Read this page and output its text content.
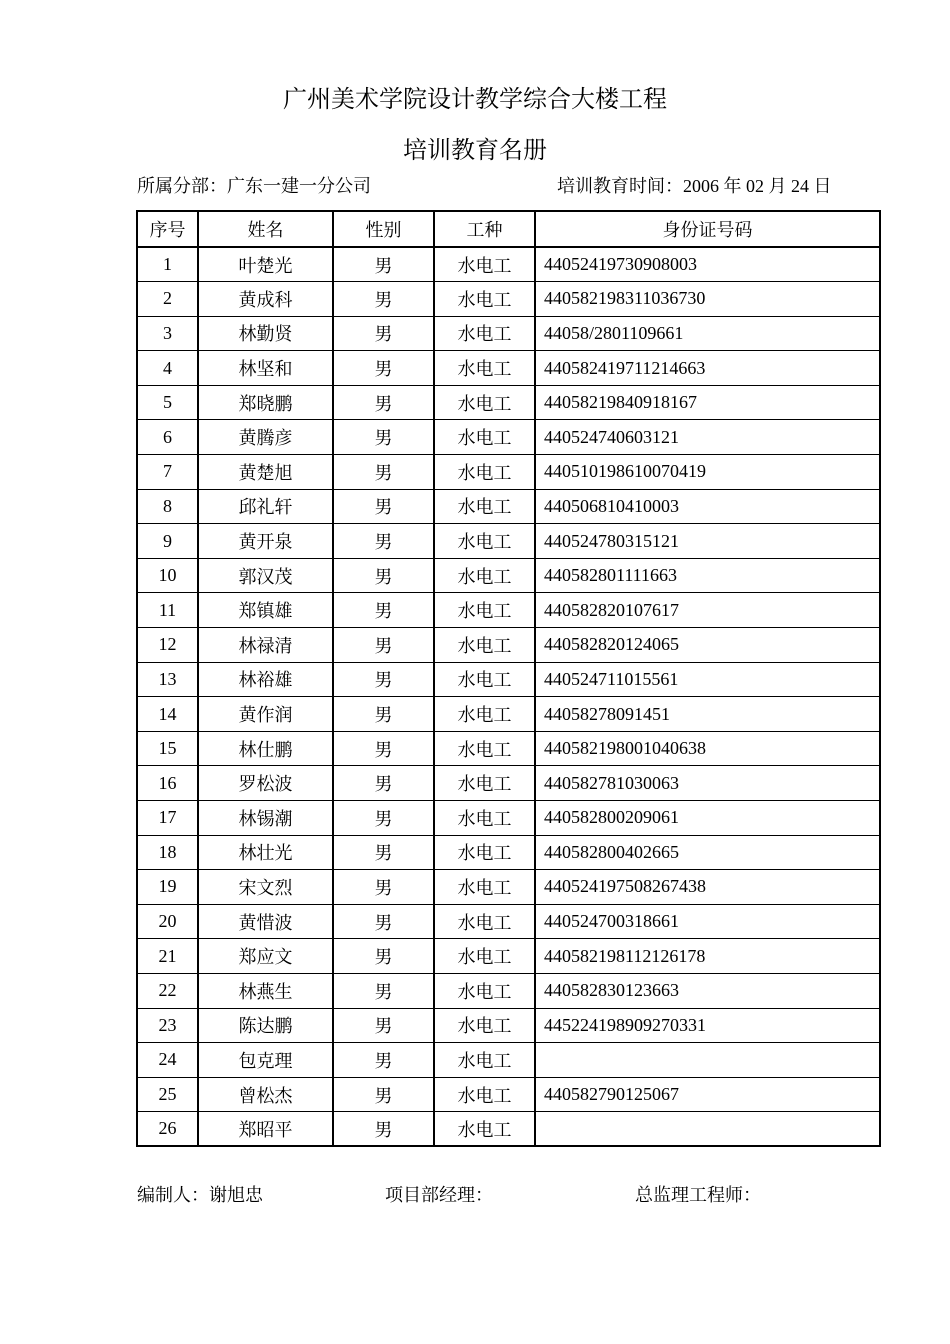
广州美术学院设计教学综合大楼工程
培训教育名册
所属分部：广东一建一分公司	培训教育时间：2006 年 02 月 24 日
序号	姓名	性别	工种	身份证号码
1	叶楚光	男	水电工	44052419730908003
2	黄成科	男	水电工	440582198311036730
3	林勤贤	男	水电工	44058/2801109661
4	林坚和	男	水电工	440582419711214663
5	郑晓鹏	男	水电工	44058219840918167
6	黄腾彦	男	水电工	440524740603121
7	黄楚旭	男	水电工	440510198610070419
8	邱礼轩	男	水电工	440506810410003
9	黄开泉	男	水电工	440524780315121
10	郭汉茂	男	水电工	440582801111663
11	郑镇雄	男	水电工	440582820107617
12	林禄清	男	水电工	440582820124065
13	林裕雄	男	水电工	440524711015561
14	黄作润	男	水电工	44058278091451
15	林仕鹏	男	水电工	440582198001040638
16	罗松波	男	水电工	440582781030063
17	林锡潮	男	水电工	440582800209061
18	林壮光	男	水电工	440582800402665
19	宋文烈	男	水电工	440524197508267438
20	黄惜波	男	水电工	440524700318661
21	郑应文	男	水电工	440582198112126178
22	林燕生	男	水电工	440582830123663
23	陈达鹏	男	水电工	445224198909270331
24	包克理	男	水电工	
25	曾松杰	男	水电工	440582790125067
26	郑昭平	男	水电工	
编制人：谢旭忠	项目部经理：	总监理工程师：
